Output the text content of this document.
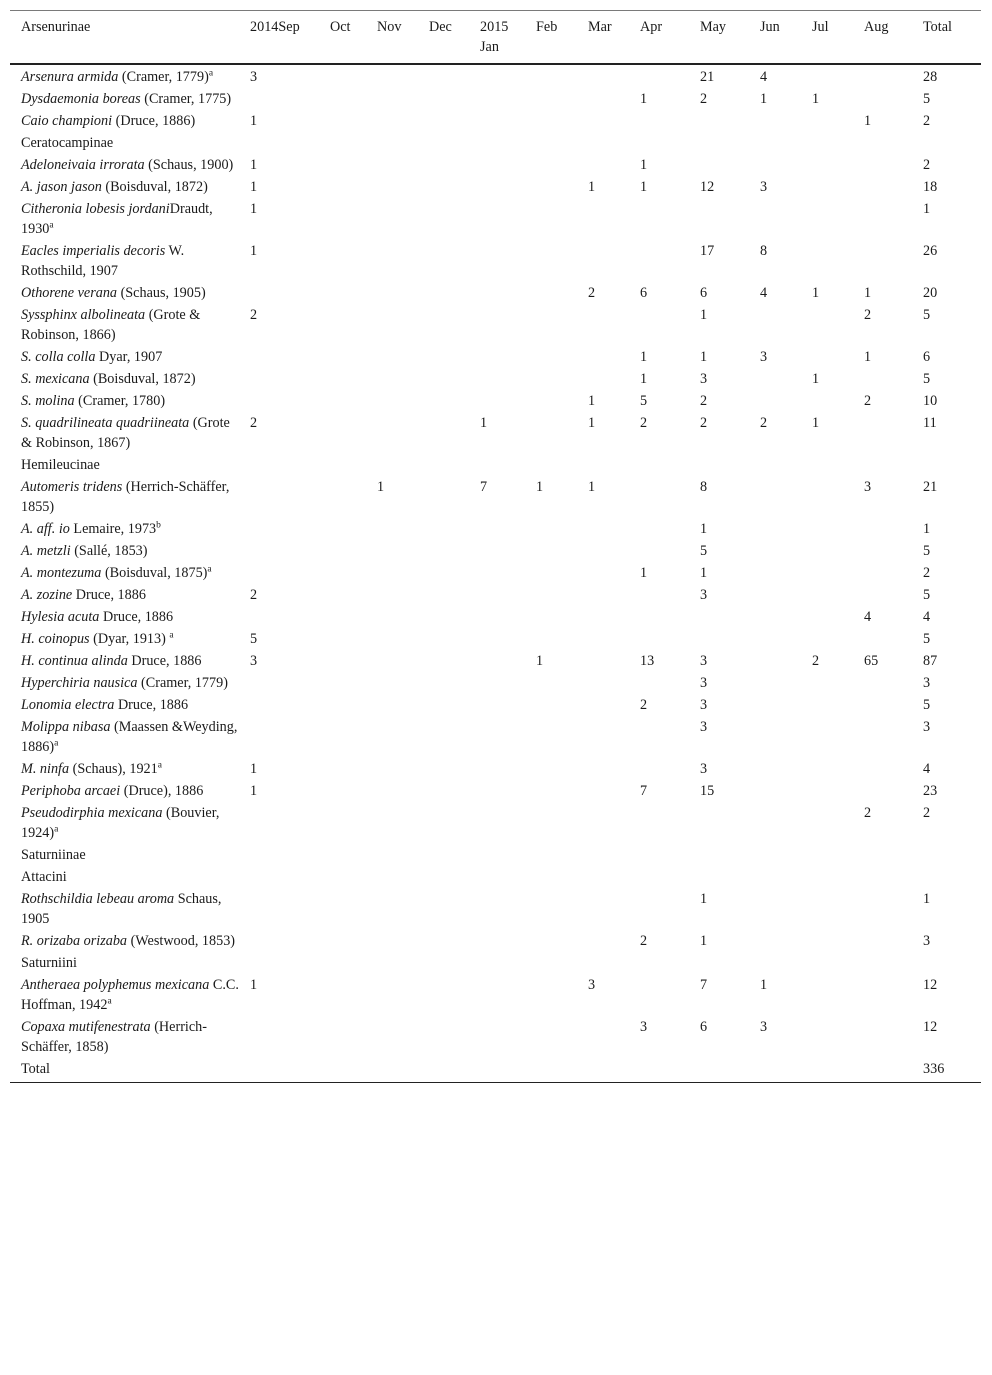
Arsenurinae	2014Sep	Oct	Nov	Dec	2015
Jan	Feb	Mar	Apr	May	Jun	Jul	Aug	Total
Arsenura armida (Cramer, 1779)$^a$	3								21	4			28
Dysdaemonia boreas (Cramer, 1775)								1	2	1	1		5
Caio championi (Druce, 1886)	1											1	2
Ceratocampinae													
Adeloneivaia irrorata (Schaus, 1900)	1							1					2
A. jason jason (Boisduval, 1872)	1						1	1	12	3			18
Citheronia lobesis jordaniDraudt, 1930$^a$	1												1
Eacles imperialis decoris W. Rothschild, 1907	1								17	8			26
Othorene verana (Schaus, 1905)							2	6	6	4	1	1	20
Syssphinx albolineata (Grote & Robinson, 1866)	2								1			2	5
S. colla colla Dyar, 1907								1	1	3		1	6
S. mexicana (Boisduval, 1872)								1	3		1		5
S. molina (Cramer, 1780)							1	5	2			2	10
S. quadrilineata quadriineata (Grote & Robinson, 1867)	2				1		1	2	2	2	1		11
Hemileucinae													
Automeris tridens (Herrich-Schäffer, 1855)			1		7	1	1		8			3	21
A. aff. io Lemaire, 1973$^b$									1				1
A. metzli (Sallé, 1853)									5				5
A. montezuma (Boisduval, 1875)$^a$								1	1				2
A. zozine Druce, 1886	2								3				5
Hylesia acuta Druce, 1886												4	4
H. coinopus (Dyar, 1913) $^a$	5												5
H. continua alinda Druce, 1886	3					1		13	3		2	65	87
Hyperchiria nausica (Cramer, 1779)									3				3
Lonomia electra Druce, 1886								2	3				5
Molippa nibasa (Maassen &Weyding, 1886)$^a$									3				3
M. ninfa (Schaus), 1921$^a$	1								3				4
Periphoba arcaei (Druce), 1886	1							7	15				23
Pseudodirphia mexicana (Bouvier, 1924)$^a$												2	2
Saturniinae													
Attacini													
Rothschildia lebeau aroma Schaus, 1905									1				1
R. orizaba orizaba (Westwood, 1853)								2	1				3
Saturniini													
Antheraea polyphemus mexicana C.C. Hoffman, 1942$^a$	1						3		7	1			12
Copaxa mutifenestrata (Herrich-Schäffer, 1858)								3	6	3			12
Total													336
